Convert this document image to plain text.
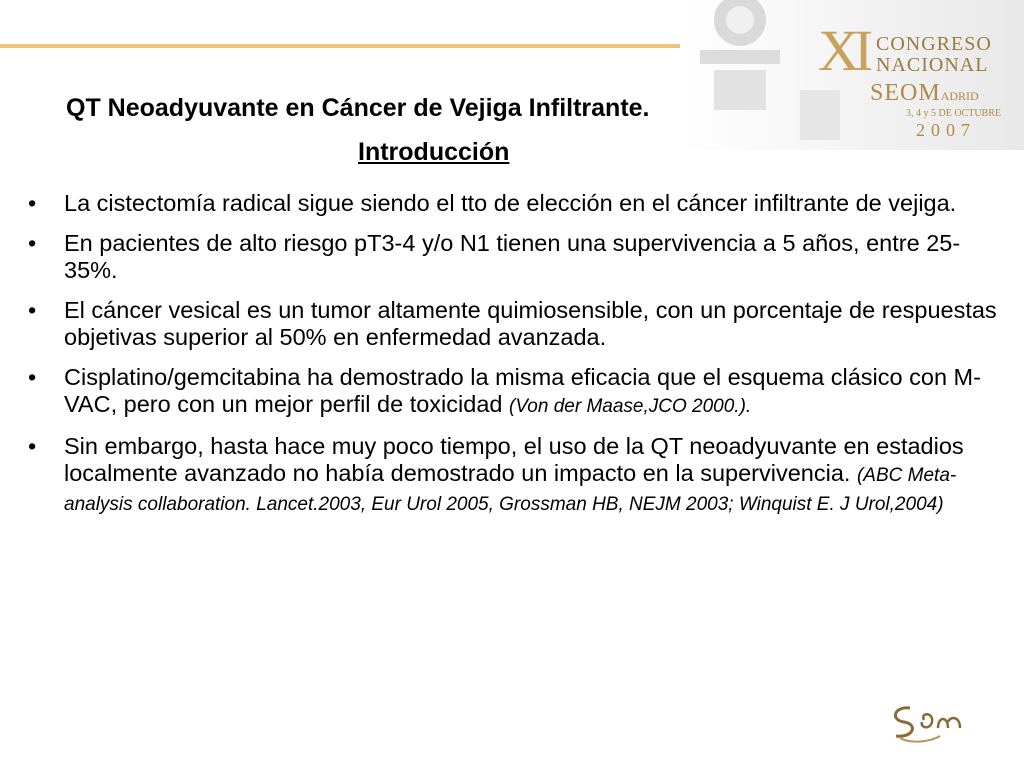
XI CONGRESO
NACIONAL
SEOMADRID
3, 4 y 5 DE OCTUBRE
2007
QT Neoadyuvante en Cáncer de Vejiga Infiltrante.
Introducción
• La cistectomía radical sigue siendo el tto de elección en el cáncer infiltrante de vejiga.
• En pacientes de alto riesgo pT3-4 y/o N1 tienen una supervivencia a 5 años, entre 25-35%.
• El cáncer vesical es un tumor altamente quimiosensible, con un porcentaje de respuestas objetivas superior al 50% en enfermedad avanzada.
• Cisplatino/gemcitabina ha demostrado la misma eficacia que el esquema clásico con M-VAC, pero con un mejor perfil de toxicidad (Von der Maase,JCO 2000.).
• Sin embargo, hasta hace muy poco tiempo, el uso de la QT neoadyuvante en estadios localmente avanzado no había demostrado un impacto en la supervivencia. (ABC Meta-analysis collaboration. Lancet.2003, Eur Urol 2005, Grossman HB, NEJM 2003; Winquist E. J Urol,2004)
